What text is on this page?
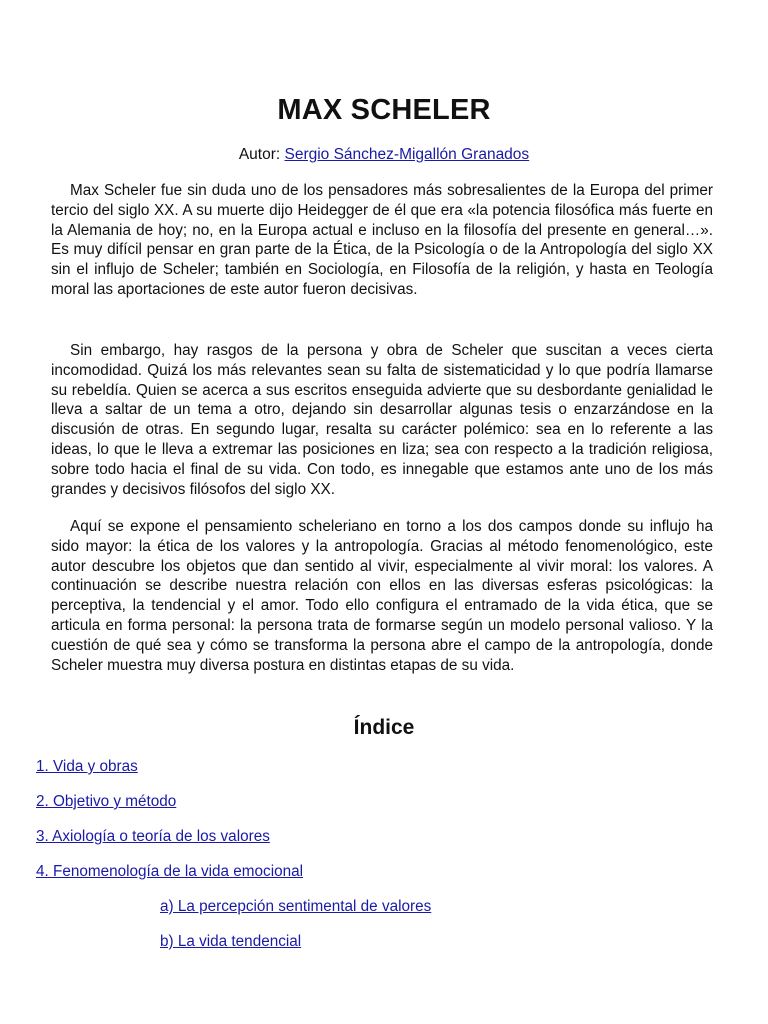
MAX SCHELER

Autor: Sergio Sánchez-Migallón Granados

Max Scheler fue sin duda uno de los pensadores más sobresalientes de la Europa del primer tercio del siglo XX. A su muerte dijo Heidegger de él que era «la potencia filosófica más fuerte en la Alemania de hoy; no, en la Europa actual e incluso en la filosofía del presente en general…». Es muy difícil pensar en gran parte de la Ética, de la Psicología o de la Antropología del siglo XX sin el influjo de Scheler; también en Sociología, en Filosofía de la religión, y hasta en Teología moral las aportaciones de este autor fueron decisivas.

Sin embargo, hay rasgos de la persona y obra de Scheler que suscitan a veces cierta incomodidad. Quizá los más relevantes sean su falta de sistematicidad y lo que podría llamarse su rebeldía. Quien se acerca a sus escritos enseguida advierte que su desbordante genialidad le lleva a saltar de un tema a otro, dejando sin desarrollar algunas tesis o enzarzándose en la discusión de otras. En segundo lugar, resalta su carácter polémico: sea en lo referente a las ideas, lo que le lleva a extremar las posiciones en liza; sea con respecto a la tradición religiosa, sobre todo hacia el final de su vida. Con todo, es innegable que estamos ante uno de los más grandes y decisivos filósofos del siglo XX.

Aquí se expone el pensamiento scheleriano en torno a los dos campos donde su influjo ha sido mayor: la ética de los valores y la antropología. Gracias al método fenomenológico, este autor descubre los objetos que dan sentido al vivir, especialmente al vivir moral: los valores. A continuación se describe nuestra relación con ellos en las diversas esferas psicológicas: la perceptiva, la tendencial y el amor. Todo ello configura el entramado de la vida ética, que se articula en forma personal: la persona trata de formarse según un modelo personal valioso. Y la cuestión de qué sea y cómo se transforma la persona abre el campo de la antropología, donde Scheler muestra muy diversa postura en distintas etapas de su vida.

Índice
1. Vida y obras
2. Objetivo y método
3. Axiología o teoría de los valores
4. Fenomenología de la vida emocional
a) La percepción sentimental de valores
b) La vida tendencial
